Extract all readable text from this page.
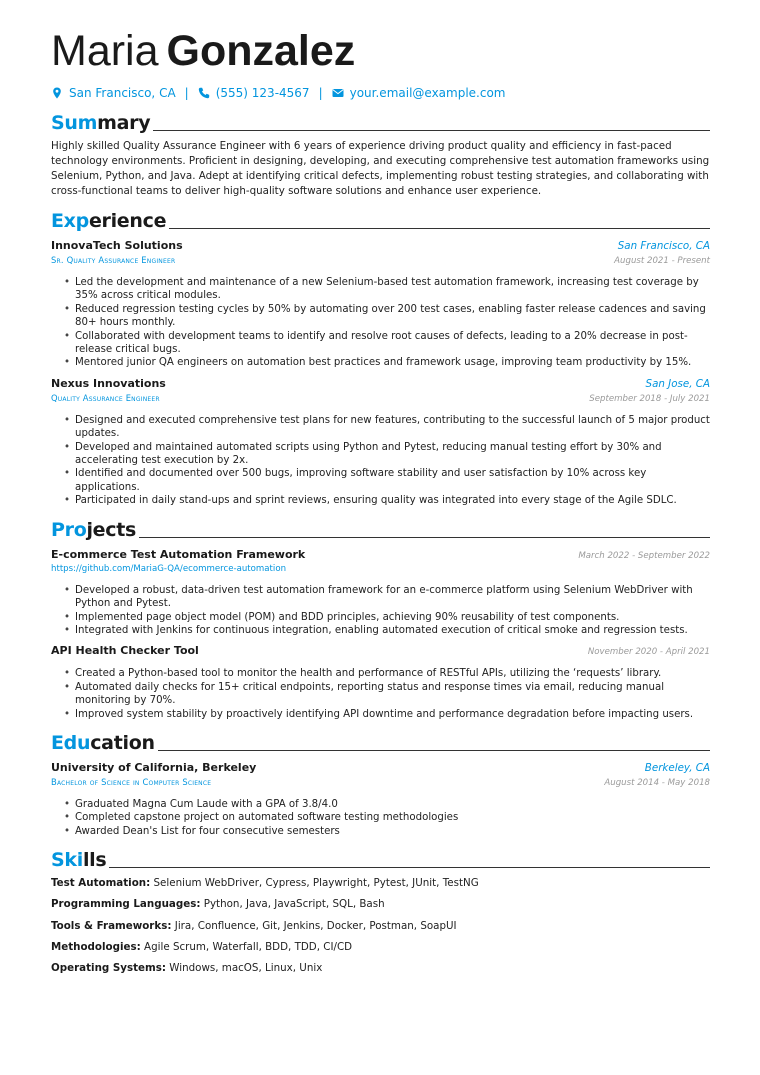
Maria Gonzalez
San Francisco, CA | (555) 123-4567 | your.email@example.com
Summary
Highly skilled Quality Assurance Engineer with 6 years of experience driving product quality and efficiency in fast-paced technology environments. Proficient in designing, developing, and executing comprehensive test automation frameworks using Selenium, Python, and Java. Adept at identifying critical defects, implementing robust testing strategies, and collaborating with cross-functional teams to deliver high-quality software solutions and enhance user experience.
Experience
InnovaTech Solutions	San Francisco, CA
Sr. Quality Assurance Engineer	August 2021 - Present
• Led the development and maintenance of a new Selenium-based test automation framework, increasing test coverage by 35% across critical modules.
• Reduced regression testing cycles by 50% by automating over 200 test cases, enabling faster release cadences and saving 80+ hours monthly.
• Collaborated with development teams to identify and resolve root causes of defects, leading to a 20% decrease in post-release critical bugs.
• Mentored junior QA engineers on automation best practices and framework usage, improving team productivity by 15%.
Nexus Innovations	San Jose, CA
Quality Assurance Engineer	September 2018 - July 2021
• Designed and executed comprehensive test plans for new features, contributing to the successful launch of 5 major product updates.
• Developed and maintained automated scripts using Python and Pytest, reducing manual testing effort by 30% and accelerating test execution by 2x.
• Identified and documented over 500 bugs, improving software stability and user satisfaction by 10% across key applications.
• Participated in daily stand-ups and sprint reviews, ensuring quality was integrated into every stage of the Agile SDLC.
Projects
E-commerce Test Automation Framework	March 2022 - September 2022
https://github.com/MariaG-QA/ecommerce-automation
• Developed a robust, data-driven test automation framework for an e-commerce platform using Selenium WebDriver with Python and Pytest.
• Implemented page object model (POM) and BDD principles, achieving 90% reusability of test components.
• Integrated with Jenkins for continuous integration, enabling automated execution of critical smoke and regression tests.
API Health Checker Tool	November 2020 - April 2021
• Created a Python-based tool to monitor the health and performance of RESTful APIs, utilizing the ‘requests’ library.
• Automated daily checks for 15+ critical endpoints, reporting status and response times via email, reducing manual monitoring by 70%.
• Improved system stability by proactively identifying API downtime and performance degradation before impacting users.
Education
University of California, Berkeley	Berkeley, CA
Bachelor of Science in Computer Science	August 2014 - May 2018
• Graduated Magna Cum Laude with a GPA of 3.8/4.0
• Completed capstone project on automated software testing methodologies
• Awarded Dean's List for four consecutive semesters
Skills
Test Automation: Selenium WebDriver, Cypress, Playwright, Pytest, JUnit, TestNG
Programming Languages: Python, Java, JavaScript, SQL, Bash
Tools & Frameworks: Jira, Confluence, Git, Jenkins, Docker, Postman, SoapUI
Methodologies: Agile Scrum, Waterfall, BDD, TDD, CI/CD
Operating Systems: Windows, macOS, Linux, Unix
